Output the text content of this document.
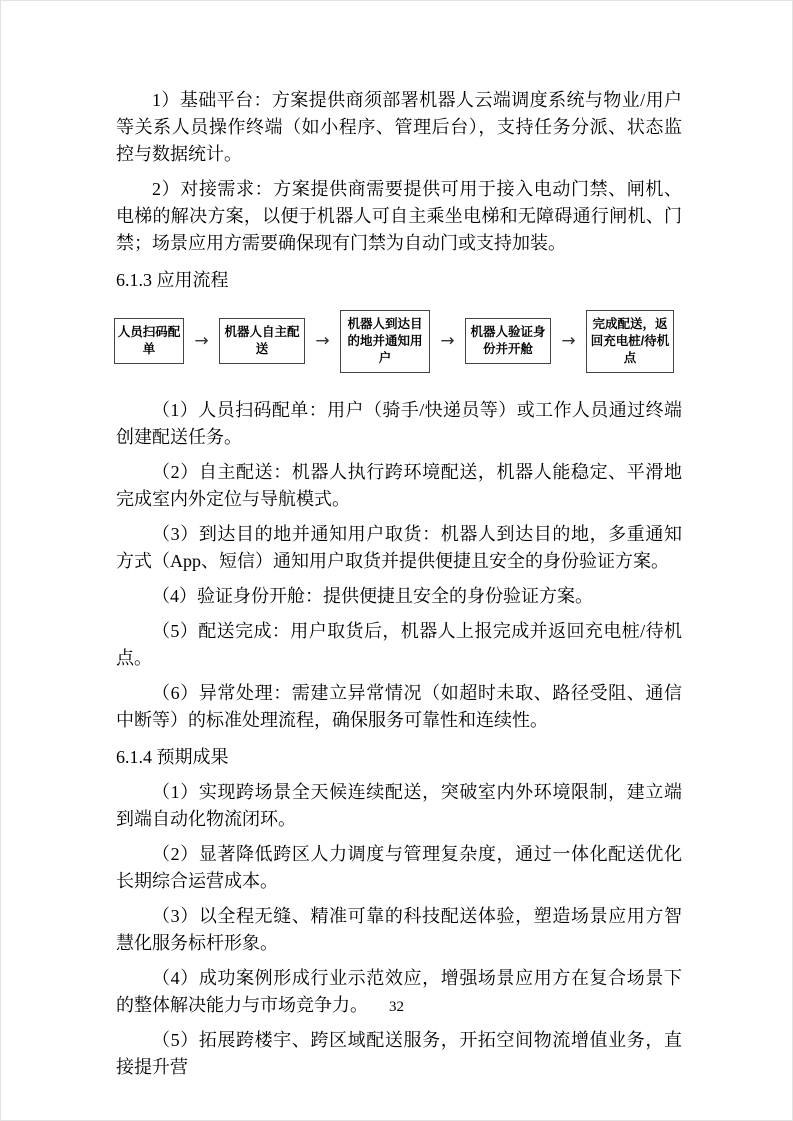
1）基础平台：方案提供商须部署机器人云端调度系统与物业/用户等关系人员操作终端（如小程序、管理后台），支持任务分派、状态监控与数据统计。

2）对接需求：方案提供商需要提供可用于接入电动门禁、闸机、电梯的解决方案，以便于机器人可自主乘坐电梯和无障碍通行闸机、门禁；场景应用方需要确保现有门禁为自动门或支持加装。

6.1.3 应用流程
人员扫码配单	→	机器人自主配送	→
机器人到达目的地并通知用户
→	机器人验证身份并开舱	→
完成配送，返回充电桩/待机点

（1）人员扫码配单：用户（骑手/快递员等）或工作人员通过终端创建配送任务。

（2）自主配送：机器人执行跨环境配送，机器人能稳定、平滑地完成室内外定位与导航模式。

（3）到达目的地并通知用户取货：机器人到达目的地，多重通知方式（App、短信）通知用户取货并提供便捷且安全的身份验证方案。

（4）验证身份开舱：提供便捷且安全的身份验证方案。

（5）配送完成：用户取货后，机器人上报完成并返回充电桩/待机点。

（6）异常处理：需建立异常情况（如超时未取、路径受阻、通信中断等）的标准处理流程，确保服务可靠性和连续性。

6.1.4 预期成果

（1）实现跨场景全天候连续配送，突破室内外环境限制，建立端到端自动化物流闭环。

（2）显著降低跨区人力调度与管理复杂度，通过一体化配送优化长期综合运营成本。

（3）以全程无缝、精准可靠的科技配送体验，塑造场景应用方智慧化服务标杆形象。

（4）成功案例形成行业示范效应，增强场景应用方在复合场景下的整体解决能力与市场竞争力。

（5）拓展跨楼宇、跨区域配送服务，开拓空间物流增值业务，直接提升营

32
